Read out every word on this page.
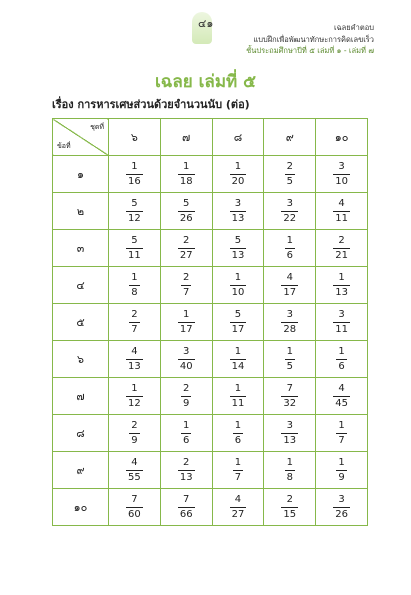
๔๑	เฉลยคำตอบ
แบบฝึกเพื่อพัฒนาทักษะการคิดเลขเร็ว
ชั้นประถมศึกษาปีที่ ๕ เล่มที่ ๑ - เล่มที่ ๗
เฉลย เล่มที่ ๕
เรื่อง การหารเศษส่วนด้วยจำนวนนับ (ต่อ)
ชุดที่
ข้อที่	๖	๗	๘	๙	๑๐
๑	$\frac{1}{16}$	$\frac{1}{18}$	$\frac{1}{20}$	$\frac{2}{5}$	$\frac{3}{10}$

๒	$\frac{5}{12}$	$\frac{5}{26}$	$\frac{3}{13}$	$\frac{3}{22}$	$\frac{4}{11}$

๓	$\frac{5}{11}$	$\frac{2}{27}$	$\frac{5}{13}$	$\frac{1}{6}$	$\frac{2}{21}$

๔	$\frac{1}{8}$	$\frac{2}{7}$	$\frac{1}{10}$	$\frac{4}{17}$	$\frac{1}{13}$

๕	$\frac{2}{7}$	$\frac{1}{17}$	$\frac{5}{17}$	$\frac{3}{28}$	$\frac{3}{11}$

๖	$\frac{4}{13}$	$\frac{3}{40}$	$\frac{1}{14}$	$\frac{1}{5}$	$\frac{1}{6}$

๗	$\frac{1}{12}$	$\frac{2}{9}$	$\frac{1}{11}$	$\frac{7}{32}$	$\frac{4}{45}$

๘	$\frac{2}{9}$	$\frac{1}{6}$	$\frac{1}{6}$	$\frac{3}{13}$	$\frac{1}{7}$

๙	$\frac{4}{55}$	$\frac{2}{13}$	$\frac{1}{7}$	$\frac{1}{8}$	$\frac{1}{9}$

๑๐	$\frac{7}{60}$	$\frac{7}{66}$	$\frac{4}{27}$	$\frac{2}{15}$	$\frac{3}{26}$
